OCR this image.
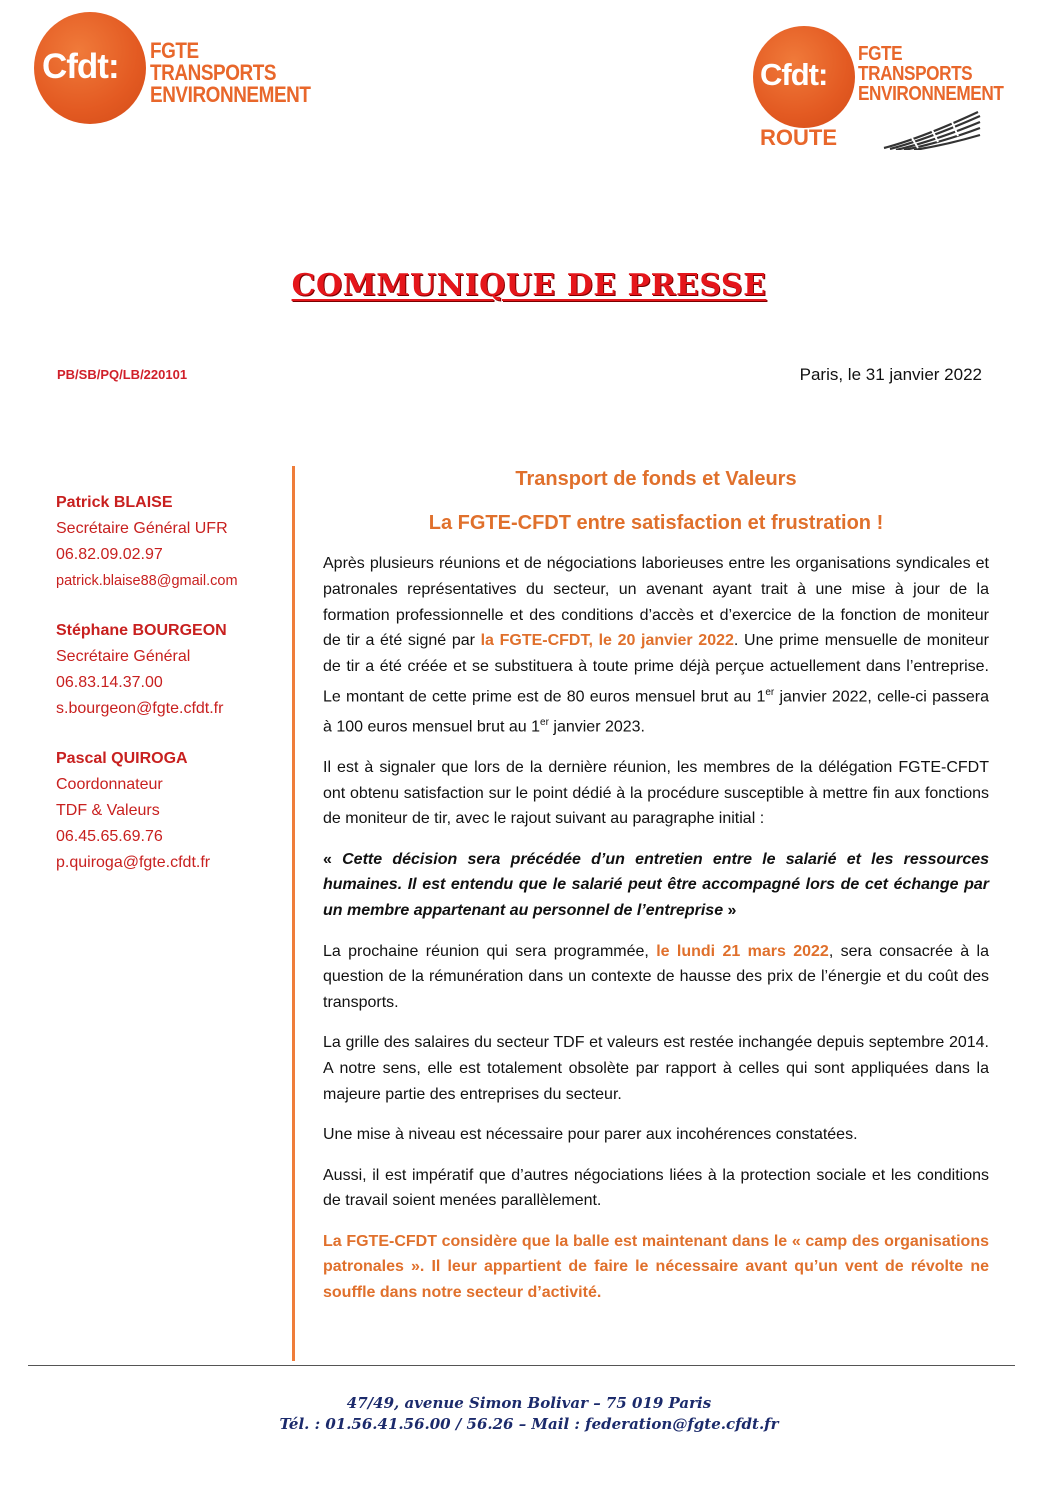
Cfdt: FGTE
TRANSPORTS
ENVIRONNEMENT
Cfdt:
FGTE
TRANSPORTS
ENVIRONNEMENT
ROUTE
COMMUNIQUE DE PRESSE
PB/SB/PQ/LB/220101	Paris, le 31 janvier 2022
Patrick BLAISE
Secrétaire Général UFR
06.82.09.02.97
patrick.blaise88@gmail.com
Stéphane BOURGEON
Secrétaire Général
06.83.14.37.00
s.bourgeon@fgte.cfdt.fr
Pascal QUIROGA
Coordonnateur
TDF & Valeurs
06.45.65.69.76
p.quiroga@fgte.cfdt.fr
Transport de fonds et Valeurs
La FGTE-CFDT entre satisfaction et frustration !

Après plusieurs réunions et de négociations laborieuses entre les organisations syndicales et patronales représentatives du secteur, un avenant ayant trait à une mise à jour de la formation professionnelle et des conditions d’accès et d’exercice de la fonction de moniteur de tir a été signé par la FGTE-CFDT, le 20 janvier 2022. Une prime mensuelle de moniteur de tir a été créée et se substituera à toute prime déjà perçue actuellement dans l’entreprise. Le montant de cette prime est de 80 euros mensuel brut au 1er janvier 2022, celle-ci passera à 100 euros mensuel brut au 1er janvier 2023.

Il est à signaler que lors de la dernière réunion, les membres de la délégation FGTE-CFDT ont obtenu satisfaction sur le point dédié à la procédure susceptible à mettre fin aux fonctions de moniteur de tir, avec le rajout suivant au paragraphe initial :

« Cette décision sera précédée d’un entretien entre le salarié et les ressources humaines. Il est entendu que le salarié peut être accompagné lors de cet échange par un membre appartenant au personnel de l’entreprise »

La prochaine réunion qui sera programmée, le lundi 21 mars 2022, sera consacrée à la question de la rémunération dans un contexte de hausse des prix de l’énergie et du coût des transports.

La grille des salaires du secteur TDF et valeurs est restée inchangée depuis septembre 2014. A notre sens, elle est totalement obsolète par rapport à celles qui sont appliquées dans la majeure partie des entreprises du secteur.

Une mise à niveau est nécessaire pour parer aux incohérences constatées.

Aussi, il est impératif que d’autres négociations liées à la protection sociale et les conditions de travail soient menées parallèlement.

La FGTE-CFDT considère que la balle est maintenant dans le « camp des organisations patronales ». Il leur appartient de faire le nécessaire avant qu’un vent de révolte ne souffle dans notre secteur d’activité.

47/49, avenue Simon Bolivar – 75 019 Paris
Tél. : 01.56.41.56.00 / 56.26 – Mail : federation@fgte.cfdt.fr
